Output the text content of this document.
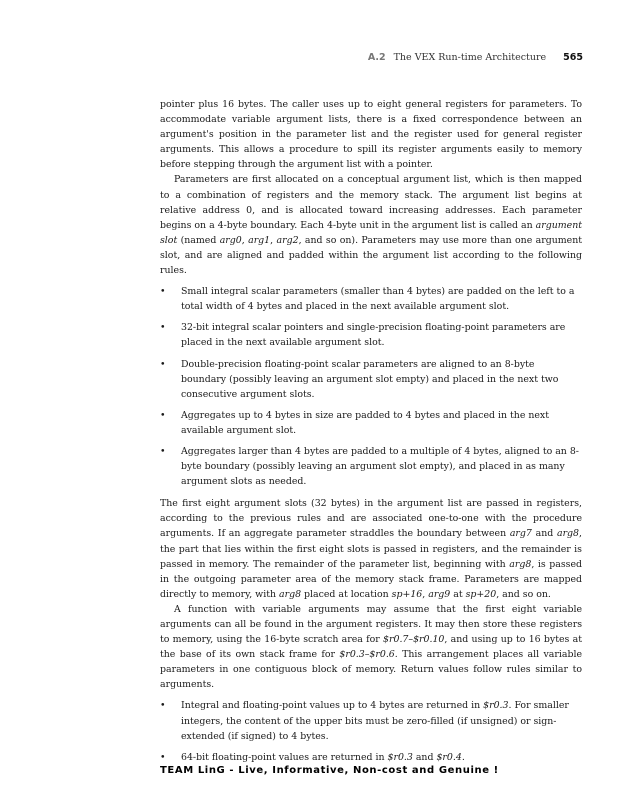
A.2 The VEX Run-time Architecture 565

pointer plus 16 bytes. The caller uses up to eight general registers for parameters. To accommodate variable argument lists, there is a fixed correspondence between an argument's position in the parameter list and the register used for general register arguments. This allows a procedure to spill its register arguments easily to memory before stepping through the argument list with a pointer.

Parameters are first allocated on a conceptual argument list, which is then mapped to a combination of registers and the memory stack. The argument list begins at relative address 0, and is allocated toward increasing addresses. Each parameter begins on a 4-byte boundary. Each 4-byte unit in the argument list is called an argument slot (named arg0, arg1, arg2, and so on). Parameters may use more than one argument slot, and are aligned and padded within the argument list according to the following rules.

• Small integral scalar parameters (smaller than 4 bytes) are padded on the left to a total width of 4 bytes and placed in the next available argument slot.
• 32-bit integral scalar pointers and single-precision floating-point parameters are placed in the next available argument slot.
• Double-precision floating-point scalar parameters are aligned to an 8-byte boundary (possibly leaving an argument slot empty) and placed in the next two consecutive argument slots.
• Aggregates up to 4 bytes in size are padded to 4 bytes and placed in the next available argument slot.
• Aggregates larger than 4 bytes are padded to a multiple of 4 bytes, aligned to an 8-byte boundary (possibly leaving an argument slot empty), and placed in as many argument slots as needed.

The first eight argument slots (32 bytes) in the argument list are passed in registers, according to the previous rules and are associated one-to-one with the procedure arguments. If an aggregate parameter straddles the boundary between arg7 and arg8, the part that lies within the first eight slots is passed in registers, and the remainder is passed in memory. The remainder of the parameter list, beginning with arg8, is passed in the outgoing parameter area of the memory stack frame. Parameters are mapped directly to memory, with arg8 placed at location sp+16, arg9 at sp+20, and so on.

A function with variable arguments may assume that the first eight variable arguments can all be found in the argument registers. It may then store these registers to memory, using the 16-byte scratch area for $r0.7–$r0.10, and using up to 16 bytes at the base of its own stack frame for $r0.3–$r0.6. This arrangement places all variable parameters in one contiguous block of memory. Return values follow rules similar to arguments.

• Integral and floating-point values up to 4 bytes are returned in $r0.3. For smaller integers, the content of the upper bits must be zero-filled (if unsigned) or sign-extended (if signed) to 4 bytes.
• 64-bit floating-point values are returned in $r0.3 and $r0.4.
TEAM LinG - Live, Informative, Non-cost and Genuine !
